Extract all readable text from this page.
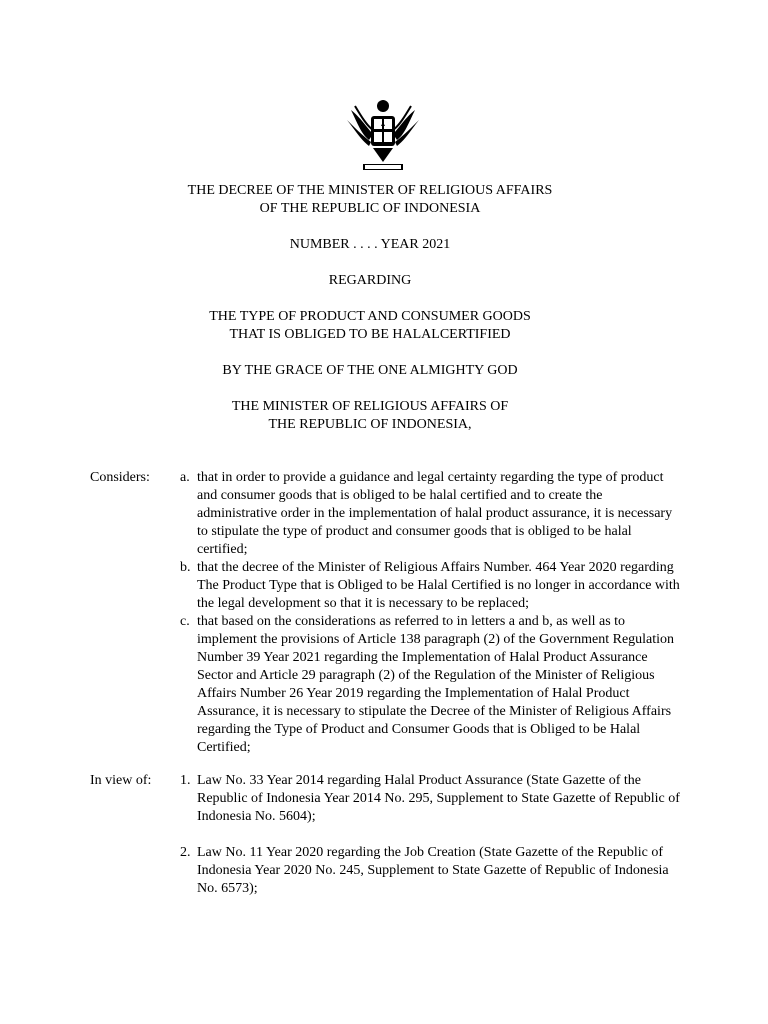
THE DECREE OF THE MINISTER OF RELIGIOUS AFFAIRS
OF THE REPUBLIC OF INDONESIA
NUMBER . . . . YEAR 2021
REGARDING
THE TYPE OF PRODUCT AND CONSUMER GOODS
THAT IS OBLIGED TO BE HALALCERTIFIED
BY THE GRACE OF THE ONE ALMIGHTY GOD
THE MINISTER OF RELIGIOUS AFFAIRS OF
THE REPUBLIC OF INDONESIA,
Considers: a. that in order to provide a guidance and legal certainty regarding the type of product and consumer goods that is obliged to be halal certified and to create the administrative order in the implementation of halal product assurance, it is necessary to stipulate the type of product and consumer goods that is obliged to be halal certified;
b. that the decree of the Minister of Religious Affairs Number. 464 Year 2020 regarding The Product Type that is Obliged to be Halal Certified is no longer in accordance with the legal development so that it is necessary to be replaced;
c. that based on the considerations as referred to in letters a and b, as well as to implement the provisions of Article 138 paragraph (2) of the Government Regulation Number 39 Year 2021 regarding the Implementation of Halal Product Assurance Sector and Article 29 paragraph (2) of the Regulation of the Minister of Religious Affairs Number 26 Year 2019 regarding the Implementation of Halal Product Assurance, it is necessary to stipulate the Decree of the Minister of Religious Affairs regarding the Type of Product and Consumer Goods that is Obliged to be Halal Certified;
In view of: 1. Law No. 33 Year 2014 regarding Halal Product Assurance (State Gazette of the Republic of Indonesia Year 2014 No. 295, Supplement to State Gazette of Republic of Indonesia No. 5604);
2. Law No. 11 Year 2020 regarding the Job Creation (State Gazette of the Republic of Indonesia Year 2020 No. 245, Supplement to State Gazette of Republic of Indonesia No. 6573);
